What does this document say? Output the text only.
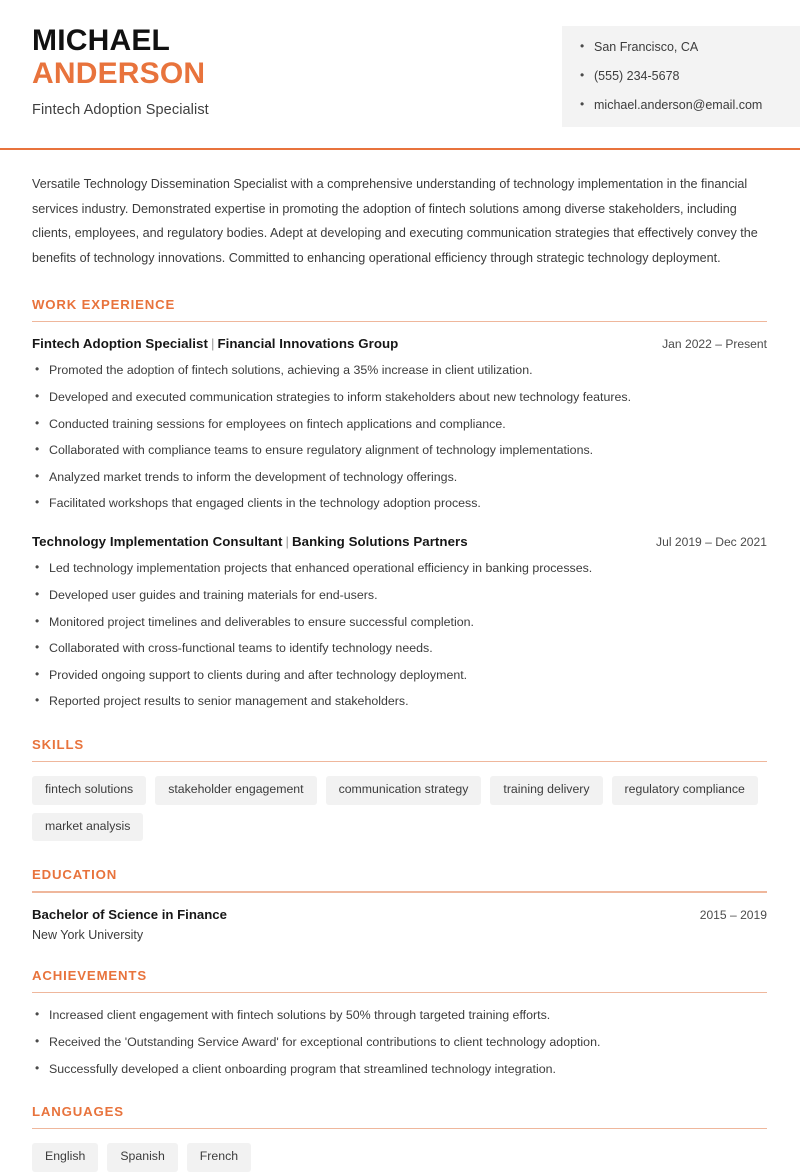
MICHAEL
ANDERSON
Fintech Adoption Specialist
• San Francisco, CA
• (555) 234-5678
• michael.anderson@email.com

Versatile Technology Dissemination Specialist with a comprehensive understanding of technology implementation in the financial services industry. Demonstrated expertise in promoting the adoption of fintech solutions among diverse stakeholders, including clients, employees, and regulatory bodies. Adept at developing and executing communication strategies that effectively convey the benefits of technology innovations. Committed to enhancing operational efficiency through strategic technology deployment.

WORK EXPERIENCE
Fintech Adoption Specialist | Financial Innovations Group	Jan 2022 – Present
• Promoted the adoption of fintech solutions, achieving a 35% increase in client utilization.
• Developed and executed communication strategies to inform stakeholders about new technology features.
• Conducted training sessions for employees on fintech applications and compliance.
• Collaborated with compliance teams to ensure regulatory alignment of technology implementations.
• Analyzed market trends to inform the development of technology offerings.
• Facilitated workshops that engaged clients in the technology adoption process.
Technology Implementation Consultant | Banking Solutions Partners	Jul 2019 – Dec 2021
• Led technology implementation projects that enhanced operational efficiency in banking processes.
• Developed user guides and training materials for end-users.
• Monitored project timelines and deliverables to ensure successful completion.
• Collaborated with cross-functional teams to identify technology needs.
• Provided ongoing support to clients during and after technology deployment.
• Reported project results to senior management and stakeholders.
SKILLS
fintech solutions	stakeholder engagement	communication strategy	training delivery	regulatory compliance
market analysis
EDUCATION
Bachelor of Science in Finance	2015 – 2019
New York University
ACHIEVEMENTS
• Increased client engagement with fintech solutions by 50% through targeted training efforts.
• Received the 'Outstanding Service Award' for exceptional contributions to client technology adoption.
• Successfully developed a client onboarding program that streamlined technology integration.
LANGUAGES
English	Spanish	French
